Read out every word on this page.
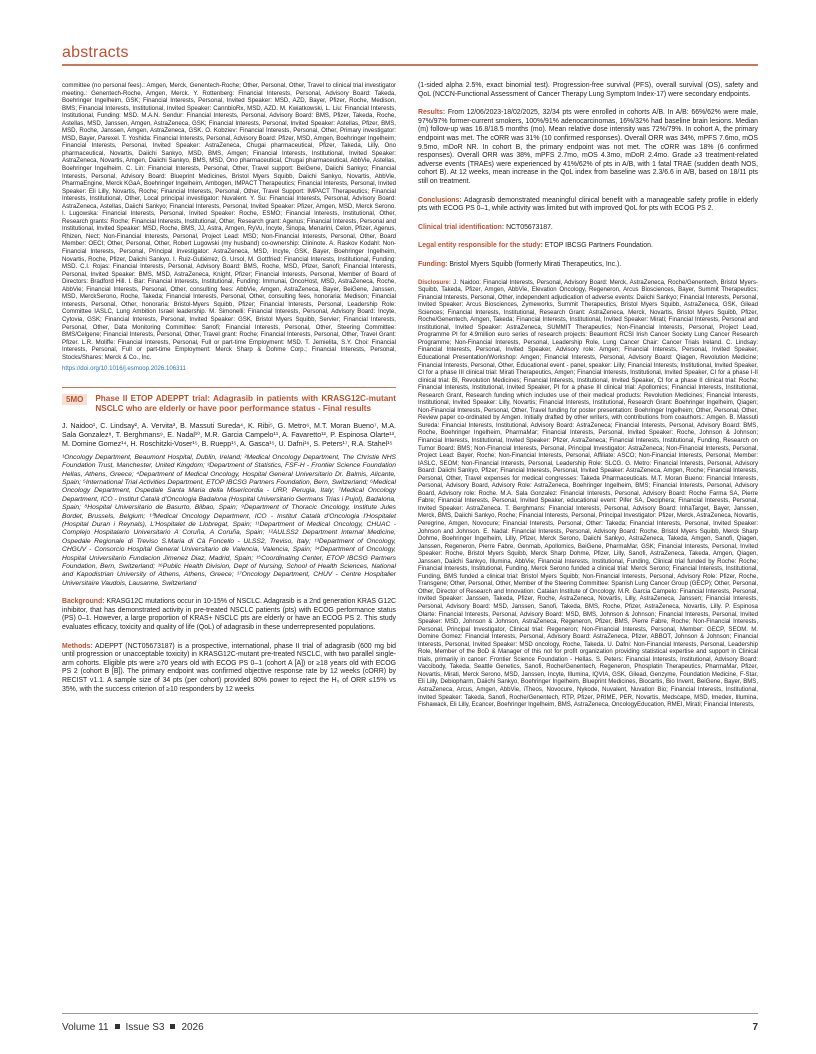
abstracts

committee (no personal fees).: Amgen, Merck, Genentech-Roche; Other, Personal, Other, Travel to clinical trial investigator meeting.: Genentech-Roche, Amgen, Merck. Y. Rottenberg: Financial Interests, Personal, Advisory Board: Takeda, Boehringer Ingelheim, GSK; Financial Interests, Personal, Invited Speaker: MSD, AZD, Bayer, Pfizer, Roche, Medison, BMS; Financial Interests, Institutional, Invited Speaker: CannbioRx, MSD, AZD. M. Kwiatkowski, L. Liu: Financial Interests, Institutional, Funding: MSD. M.A.N. Sendur: Financial Interests, Personal, Advisory Board: BMS, Pfizer, Takeda, Roche, Astellas, MSD, Janssen, Amgen, AstraZeneca, GSK; Financial Interests, Personal, Invited Speaker: Astellas, Pfizer, BMS, MSD, Roche, Janssen, Amgen, AstraZeneca, GSK. O. Kobziev: Financial Interests, Personal, Other, Primary investigator: MSD, Bayer, Parexel. T. Yoshida: Financial Interests, Personal, Advisory Board: Pfizer, MSD, Amgen, Boehringer Ingelheim; Financial Interests, Personal, Invited Speaker: AstraZeneca, Chugai pharmaceutical, Pfizer, Takeda, Lilly, Ono pharmaceutical, Novartis, Daiichi Sankyo, MSD, BMS, Amgen; Financial Interests, Institutional, Invited Speaker: AstraZeneca, Novartis, Amgen, Daiichi Sankyo, BMS, MSD, Ono pharmaceutical, Chugai pharmaceutical, AbbVie, Astellas, Boehringer Ingelheim. C. Lin: Financial Interests, Personal, Other, Travel support: BeiGene, Daiichi Sankyo; Financial Interests, Personal, Advisory Board: Blueprint Medicines, Bristol Myers Squibb, Daiichi Sankyo, Novartis, AbbVie, PharmaEngine, Merck KGaA, Boehringer Ingelheim, Ambogen, IMPACT Therapeutics; Financial Interests, Personal, Invited Speaker: Eli Lilly, Novartis, Roche; Financial Interests, Personal, Other, Travel Support: IMPACT Therapeutics; Financial Interests, Institutional, Other, Local principal investigator: Nuvalent. Y. Su: Financial Interests, Personal, Advisory Board: AstraZeneca, Astellas, Daiichi Sankyo; Financial Interests, Personal, Invited Speaker: Pfizer, Amgen, MSD, Merck Serono. I. Lugowska: Financial Interests, Personal, Invited Speaker: Roche, ESMO; Financial Interests, Institutional, Other, Research grants: Roche; Financial Interests, Institutional, Other, Research grant: Agenus; Financial Interests, Personal and Institutional, Invited Speaker: MSD, Roche, BMS, JJ, Astra, Amgen, RyVu, Incyte, Sinopa, Menarini, Celon, Pfizer, Agenus, Rhizen, Nect; Non-Financial Interests, Personal, Project Lead: MSD; Non-Financial Interests, Personal, Other, Board Member: OECI; Other, Personal, Other, Robert Lugowski (my husband) co-ownership: Clininote. A. Raskov Kodahl: Non-Financial Interests, Personal, Principal Investigator: AstraZeneca, MSD, Incyte, GSK, Bayer, Boehringer Ingelheim, Novartis, Roche, Pfizer, Daiichi Sankyo. I. Ruiz-Gutiérrez, G. Ursol, M. Gottfried: Financial Interests, Institutional, Funding: MSD. C.I. Rojas: Financial Interests, Personal, Advisory Board: BMS, Roche, MSD, Pfizer, Sanofi; Financial Interests, Personal, Invited Speaker: BMS, MSD, AstraZeneca, Knight, Pfizer; Financial Interests, Personal, Member of Board of Directors: Bradford Hill. I. Bar: Financial Interests, Institutional, Funding: Immunai, OncoHost, MSD, AstraZeneca, Roche, AbbVie; Financial Interests, Personal, Other, consulting fees: AbbVie, Amgen, AstraZeneca, Bayer, BeiGene, Janssen, MSD, MerckSerono, Roche, Takeda; Financial Interests, Personal, Other, consulting fees, honoraria: Medison; Financial Interests, Personal, Other, honoraria: Bristol-Myers Squibb, Pfizer; Financial Interests, Personal, Leadership Role: Committee IASLC, Lung Ambition Israel leadership. M. Simonelli: Financial Interests, Personal, Advisory Board: Incyte, Cytovia, GSK; Financial Interests, Personal, Invited Speaker: GSK, Bristol Myers Squibb, Servier; Financial Interests, Personal, Other, Data Monitoring Committee: Sanofi; Financial Interests, Personal, Other, Steering Committee: BMS/Celgene; Financial Interests, Personal, Other, Travel grant: Roche; Financial Interests, Personal, Other, Travel Grant: Pfizer. L.R. Moliffe: Financial Interests, Personal, Full or part-time Employment: MSD. T. Jemielita, S.Y. Choi: Financial Interests, Personal, Full or part-time Employment: Merck Sharp & Dohme Corp.; Financial Interests, Personal, Stocks/Shares: Merck & Co., Inc.

https://doi.org/10.1016/j.esmoop.2026.106311

5MO	Phase II ETOP ADEPPT trial: Adagrasib in patients with KRASG12C-mutant NSCLC who are elderly or have poor performance status - Final results

J. Naidoo¹, C. Lindsay², A. Vervita³, B. Massuti Sureda⁴, K. Ribi⁵, G. Metro⁶, M.T. Moran Bueno⁷, M.A. Sala Gonzalez⁸, T. Berghmans⁹, E. Nadal¹⁰, M.R. Garcia Campelo¹¹, A. Favaretto¹², P. Espinosa Olarte¹³, M. Domine Gomez¹⁴, H. Roschitzki-Voser¹⁵, B. Ruepp¹⁵, A. Gasca¹⁵, U. Dafni¹⁶, S. Peters¹⁷, R.A. Stahel¹⁵

¹Oncology Department, Beaumont Hospital, Dublin, Ireland; ²Medical Oncology Department, The Christie NHS Foundation Trust, Manchester, United Kingdom; ³Department of Statistics, FSF-H - Frontier Science Foundation Hellas, Athens, Greece; ⁴Department of Medical Oncology, Hospital General Universitario Dr. Balmis, Alicante, Spain; ⁵International Trial Activities Department, ETOP IBCSG Partners Foundation, Bern, Switzerland; ⁶Medical Oncology Department, Ospedale Santa Maria della Misericordia - URP, Perugia, Italy; ⁷Medical Oncology Department, ICO - Institut Català d'Oncologia Badalona (Hospital Universitario Germans Trias i Pujol), Badalona, Spain; ⁸Hospital Universitario de Basurto, Bilbao, Spain; ⁹Department of Thoracic Oncology, Institute Jules Bordet, Brussels, Belgium; ¹⁰Medical Oncology Department, ICO - Institut Català d'Oncologia l'Hospitalet (Hospital Duran i Reynals), L'Hospitalet de Llobregat, Spain; ¹¹Department of Medical Oncology, CHUAC - Complejo Hospitalario Universitario A Coruña, A Coruña, Spain; ¹²AULSS2 Department Internal Medicine, Ospedale Regionale di Treviso S.Maria di Cà Foncello - ULSS2, Treviso, Italy; ¹³Department of Oncology, CHGUV - Consorcio Hospital General Universitario de Valencia, Valencia, Spain; ¹⁴Department of Oncology, Hospital Universitario Fundacion Jimenez Diaz, Madrid, Spain; ¹⁵Coordinating Center, ETOP IBCSG Partners Foundation, Bern, Switzerland; ¹⁶Public Health Division, Dept of Nursing, School of Health Sciences, National and Kapodistrian University of Athens, Athens, Greece; ¹⁷Oncology Department, CHUV - Centre Hospitalier Universitaire Vaudois, Lausanne, Switzerland

Background: KRASG12C mutations occur in 10-15% of NSCLC. Adagrasib is a 2nd generation KRAS G12C inhibitor, that has demonstrated activity in pre-treated NSCLC patients (pts) with ECOG performance status (PS) 0–1. However, a large proportion of KRAS+ NSCLC pts are elderly or have an ECOG PS 2. This study evaluates efficacy, toxicity and quality of life (QoL) of adagrasib in these underrepresented populations.

Methods: ADEPPT (NCT05673187) is a prospective, international, phase II trial of adagrasib (600 mg bid until progression or unacceptable toxicity) in KRASG12C-mutant pre-treated NSCLC, with two parallel single-arm cohorts. Eligible pts were ≥70 years old with ECOG PS 0–1 (cohort A [A]) or ≥18 years old with ECOG PS 2 (cohort B [B]). The primary endpoint was confirmed objective response rate by 12 weeks (cORR) by RECIST v1.1. A sample size of 34 pts (per cohort) provided 80% power to reject the H₀ of ORR ≤15% vs 35%, with the success criterion of ≥10 responders by 12 weeks

(1-sided alpha 2.5%, exact binomial test). Progression-free survival (PFS), overall survival (OS), safety and QoL (NCCN-Functional Assessment of Cancer Therapy Lung Symptom Index-17) were secondary endpoints.

Results: From 12/06/2023-18/02/2025, 32/34 pts were enrolled in cohorts A/B. In A/B: 66%/62% were male, 97%/97% former-current smokers, 100%/91% adenocarcinomas, 16%/32% had baseline brain lesions. Median (m) follow-up was 16.8/18.5 months (mo). Mean relative dose intensity was 72%/79%. In cohort A, the primary endpoint was met. The cORR was 31% (10 confirmed responses). Overall ORR was 34%, mPFS 7.6mo, mOS 9.5mo, mDoR NR. In cohort B, the primary endpoint was not met. The cORR was 18% (6 confirmed responses). Overall ORR was 38%, mPFS 2.7mo, mOS 4.3mo, mDoR 2.4mo. Grade ≥3 treatment-related adverse events (TRAEs) were experienced by 41%/62% of pts in A/B, with 1 fatal TRAE (sudden death NOS, cohort B). At 12 weeks, mean increase in the QoL index from baseline was 2.3/6.6 in A/B, based on 18/11 pts still on treatment.

Conclusions: Adagrasib demonstrated meaningful clinical benefit with a manageable safety profile in elderly pts with ECOG PS 0–1, while activity was limited but with improved QoL for pts with ECOG PS 2.

Clinical trial identification: NCT05673187.

Legal entity responsible for the study: ETOP IBCSG Partners Foundation.

Funding: Bristol Myers Squibb (formerly Mirati Therapeutics, Inc.).

Disclosure: J. Naidoo: Financial Interests, Personal, Advisory Board: Merck, AstraZeneca, Roche/Genentech, Bristol Myers-Squibb, Takeda, Pfizer, Amgen, AbbVie, Elevation Oncology, Regeneron, Arcus Biosciences, Bayer, Summit Therapeutics; Financial Interests, Personal, Other, independent adjudication of adverse events: Daiichi Sankyo; Financial Interests, Personal, Invited Speaker: Arcus Biosciences, Zymeworks, Summit Therapeutics, Bristol Myers Squibb, AstraZeneca, GSK, Gilead Sciences; Financial Interests, Institutional, Research Grant: AstraZeneca, Merck, Novartis, Bristol Myers Squibb, Pfizer, Roche/Genentech, Amgen, Takeda; Financial Interests, Institutional, Invited Speaker: Mirati; Financial Interests, Personal and Institutional, Invited Speaker: AstraZeneca, SUMMIT Therapeutics; Non-Financial Interests, Personal, Project Lead, Programme PI for 4.9million euro series of research projects: Beaumont RCSI Irish Cancer Society Lung Cancer Research Programme; Non-Financial Interests, Personal, Leadership Role, Lung Cancer Chair: Cancer Trials Ireland. C. Lindsay: Financial Interests, Personal, Invited Speaker, Advisory role: Amgen; Financial Interests, Personal, Invited Speaker, Educational Presentation/Workshop: Amgen; Financial Interests, Personal, Advisory Board: Qiagen, Revolution Medicine; Financial Interests, Personal, Other, Educational event - panel, speaker: Lilly; Financial Interests, Institutional, Invited Speaker, CI for a phase III clinical trial: Mirati Therapeutics, Amgen; Financial Interests, Institutional, Invited Speaker, CI for a phase I-II clinical trial: BI, Revolution Medicines; Financial Interests, Institutional, Invited Speaker, CI for a phase II clinical trial: Roche; Financial Interests, Institutional, Invited Speaker, PI for a phase III clinical trial: Apollomics; Financial Interests, Institutional, Research Grant, Research funding which includes use of their medical products: Revolution Medicines; Financial Interests, Institutional, Invited Speaker: Lilly, Novartis; Financial Interests, Institutional, Research Grant: Boehringer Ingelheim, Qiagen; Non-Financial Interests, Personal, Other, Travel funding for poster presentation: Boehringer Ingelheim; Other, Personal, Other, Review paper co-ordinated by Amgen. Initially drafted by other writers, with contributions from coauthors.: Amgen. B. Massuti Sureda: Financial Interests, Institutional, Advisory Board: AstraZeneca; Financial Interests, Personal, Advisory Board: BMS, Roche, Boehringer Ingelheim, PharmaMar; Financial Interests, Personal, Invited Speaker: Roche, Johnson & Johnson; Financial Interests, Institutional, Invited Speaker: Pfizer, AstraZeneca; Financial Interests, Institutional, Funding, Research on Tumor Board: BMS; Non-Financial Interests, Personal, Principal Investigator: AstraZeneca; Non-Financial Interests, Personal, Project Lead: Bayer, Roche; Non-Financial Interests, Personal, Affiliate: ASCO; Non-Financial Interests, Personal, Member: IASLC, SEOM; Non-Financial Interests, Personal, Leadership Role: SLCG. G. Metro: Financial Interests, Personal, Advisory Board: Daiichi Sankyo, Pfizer; Financial Interests, Personal, Invited Speaker: AstraZeneca, Amgen, Roche; Financial Interests, Personal, Other, Travel expenses for medical congresses: Takeda Pharmaceuticals. M.T. Moran Bueno: Financial Interests, Personal, Advisory Board, Advisory Role: AstraZeneca, Boehringer Ingelheim, BMS; Financial Interests, Personal, Advisory Board, Advisory role: Roche. M.A. Sala Gonzalez: Financial Interests, Personal, Advisory Board: Roche Farma SA, Pierre Fabre; Financial Interests, Personal, Invited Speaker, educational event: Pifer SA, Deciphera; Financial Interests, Personal, Invited Speaker: AstraZeneca. T. Berghmans: Financial Interests, Personal, Advisory Board: InhaTarget, Bayer, Janssen, Merck, BMS, Daiichi Sankyo, Roche; Financial Interests, Personal, Principal Investigator: Pfizer, Merck, AstraZeneca, Novartis, Peregrine, Amgen, Novocure; Financial Interests, Personal, Other: Takeda; Financial Interests, Personal, Invited Speaker: Johnson and Johnson. E. Nadal: Financial Interests, Personal, Advisory Board: Roche, Bristol Myers Squibb, Merck Sharp Dohme, Boehringer Ingelheim, Lilly, Pfizer, Merck Serono, Daiichi Sankyo, AstraZeneca, Takeda, Amgen, Sanofi, Qiagen, Janssen, Regeneron, Pierre Fabre, Genmab, Apollomics, BeiGene, PharmaMar, GSK; Financial Interests, Personal, Invited Speaker: Roche, Bristol Myers Squibb, Merck Sharp Dohme, Pfizer, Lilly, Sanofi, AstraZeneca, Takeda, Amgen, Qiagen, Janssen, Daiichi Sankyo, Illumina, AbbVie; Financial Interests, Institutional, Funding, Clinical trial funded by Roche: Roche; Financial Interests, Institutional, Funding, Merck Serono funded a clinical trial: Merck Serono; Financial Interests, Institutional, Funding, BMS funded a clinical trial: Bristol Myers Squibb; Non-Financial Interests, Personal, Advisory Role: Pfizer, Roche, Transgene; Other, Personal, Other, Member of the Steering Committee: Spanish Lung Cancer Group (GECP); Other, Personal, Other, Director of Research and Innovation: Catalan Institute of Oncology. M.R. Garcia Campelo: Financial Interests, Personal, Invited Speaker: Janssen, Takeda, Pfizer, Roche, AstraZeneca, Novartis, Lilly, AstraZeneca, Janssen; Financial Interests, Personal, Advisory Board: MSD, Janssen, Sanofi, Takeda, BMS, Roche, Pfizer, AstraZeneca, Novartis, Lilly. P. Espinosa Olarte: Financial Interests, Personal, Advisory Board: MSD, BMS, Johnson & Johnson; Financial Interests, Personal, Invited Speaker: MSD, Johnson & Johnson, AstraZeneca, Regeneron, Pfizer, BMS, Pierre Fabre, Roche; Non-Financial Interests, Personal, Principal Investigator, Clinical trial: Regeneron; Non-Financial Interests, Personal, Member: GECP, SEOM. M. Domine Gomez: Financial Interests, Personal, Advisory Board: AstraZeneca, Pfizer, ABBOT, Johnson & Johnson; Financial Interests, Personal, Invited Speaker: MSD oncology, Roche, Takeda. U. Dafni: Non-Financial Interests, Personal, Leadership Role, Member of the BoD & Manager of this not for profit organization providing statistical expertise and support in Clinical trials, primarily in cancer: Frontier Science Foundation - Hellas. S. Peters: Financial Interests, Institutional, Advisory Board: Vaccibody, Takeda, Seattle Genetics, Sanofi, Roche/Genentech, Regeneron, Phosplatin Therapeutics, PharmaMar, Pfizer, Novartis, Mirati, Merck Serono, MSD, Janssen, Incyte, Illumina, IQVIA, GSK, Gilead, Genzyme, Foundation Medicine, F-Star, Eli Lilly, Debiopharm, Daiichi Sankyo, Boehringer Ingelheim, Blueprint Medicines, Biocartis, Bio Invent, BeiGene, Bayer, BMS, AstraZeneca, Arcus, Amgen, AbbVie, iTheos, Novocure, Nykode, Nuvalent, Nuvation Bio; Financial Interests, Institutional, Invited Speaker: Takeda, Sanofi, Roche/Genentech, RTP, Pfizer, PRIME, PER, Novartis, Medscape, MSD, Imedex, Illumina, Fishawack, Eli Lilly, Ecancer, Boehringer Ingelheim, BMS, AstraZeneca, OncologyEducation, RMEI, Mirati; Financial Interests,

Volume 11 Issue S3 2026	7
